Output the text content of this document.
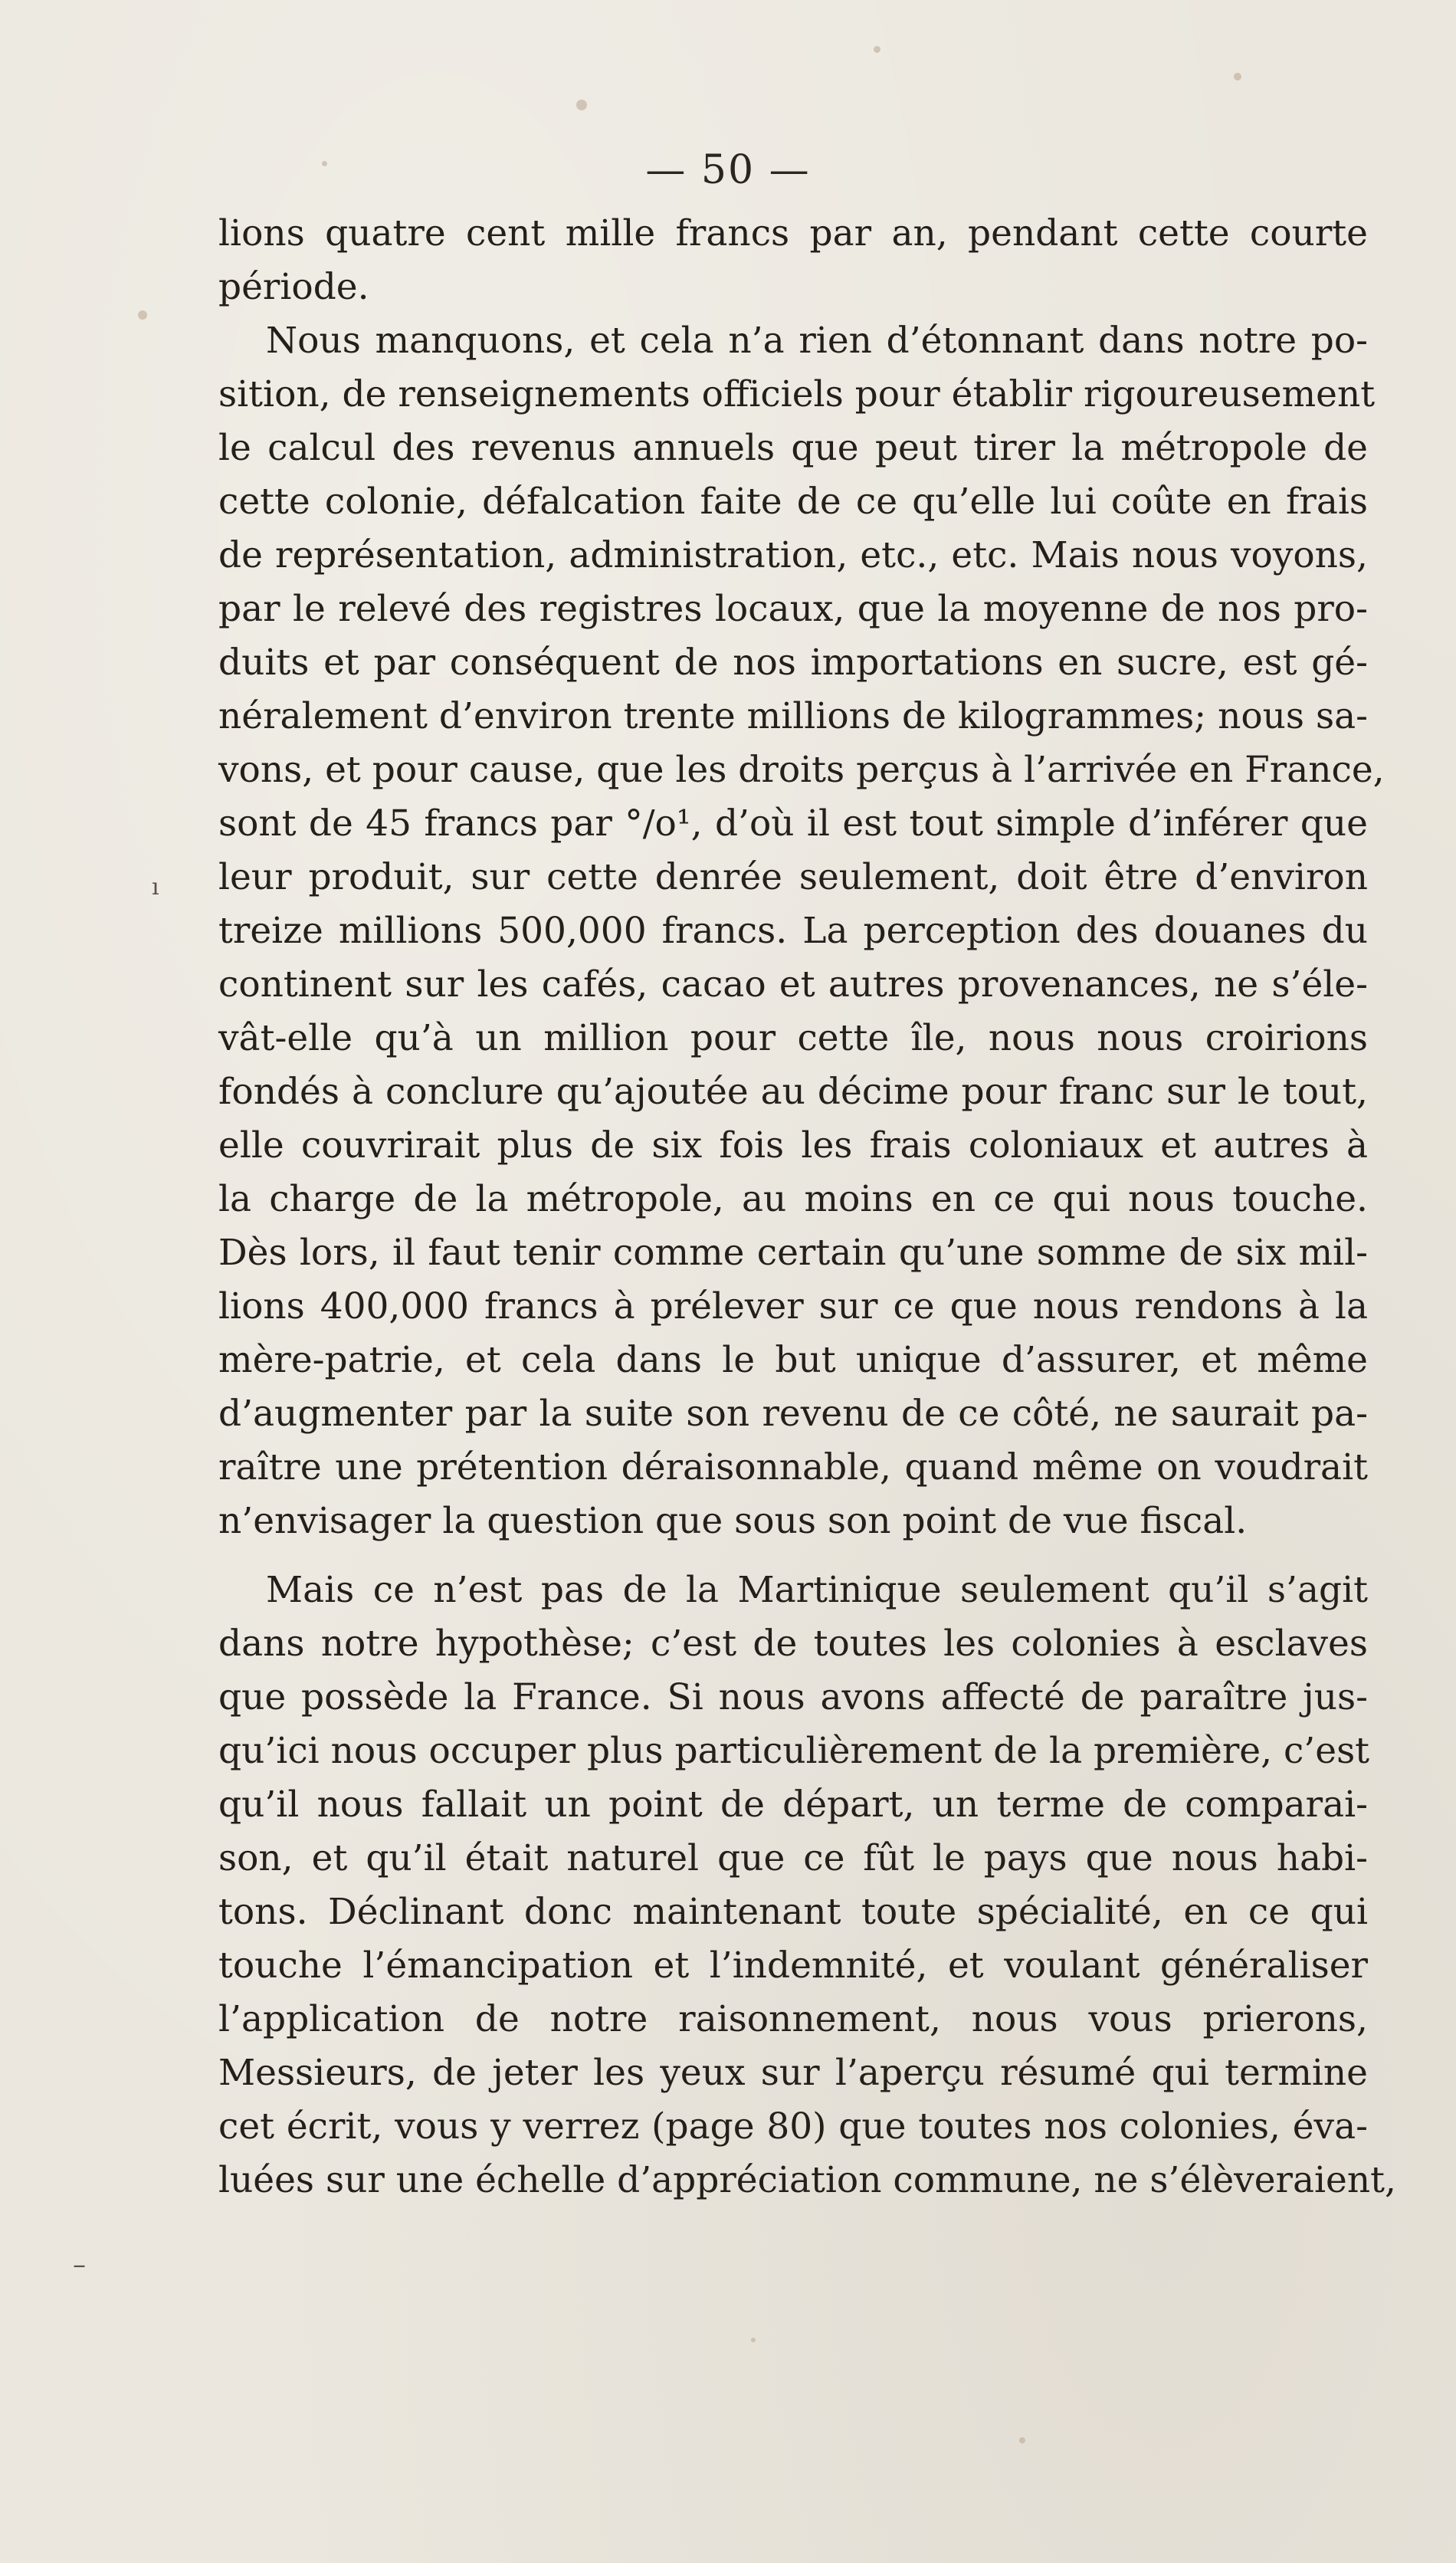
ı
–
— 50 —
lions quatre cent mille francs par an, pendant cette courte
période.
Nous manquons, et cela n’a rien d’étonnant dans notre po-
sition, de renseignements officiels pour établir rigoureusement
le calcul des revenus annuels que peut tirer la métropole de
cette colonie, défalcation faite de ce qu’elle lui coûte en frais
de représentation, administration, etc., etc. Mais nous voyons,
par le relevé des registres locaux, que la moyenne de nos pro-
duits et par conséquent de nos importations en sucre, est gé-
néralement d’environ trente millions de kilogrammes; nous sa-
vons, et pour cause, que les droits perçus à l’arrivée en France,
sont de 45 francs par °/o¹, d’où il est tout simple d’inférer que
leur produit, sur cette denrée seulement, doit être d’environ
treize millions 500,000 francs. La perception des douanes du
continent sur les cafés, cacao et autres provenances, ne s’éle-
vât-elle qu’à un million pour cette île, nous nous croirions
fondés à conclure qu’ajoutée au décime pour franc sur le tout,
elle couvrirait plus de six fois les frais coloniaux et autres à
la charge de la métropole, au moins en ce qui nous touche.
Dès lors, il faut tenir comme certain qu’une somme de six mil-
lions 400,000 francs à prélever sur ce que nous rendons à la
mère-patrie, et cela dans le but unique d’assurer, et même
d’augmenter par la suite son revenu de ce côté, ne saurait pa-
raître une prétention déraisonnable, quand même on voudrait
n’envisager la question que sous son point de vue fiscal.
Mais ce n’est pas de la Martinique seulement qu’il s’agit
dans notre hypothèse; c’est de toutes les colonies à esclaves
que possède la France. Si nous avons affecté de paraître jus-
qu’ici nous occuper plus particulièrement de la première, c’est
qu’il nous fallait un point de départ, un terme de comparai-
son, et qu’il était naturel que ce fût le pays que nous habi-
tons. Déclinant donc maintenant toute spécialité, en ce qui
touche l’émancipation et l’indemnité, et voulant généraliser
l’application de notre raisonnement, nous vous prierons,
Messieurs, de jeter les yeux sur l’aperçu résumé qui termine
cet écrit, vous y verrez (page 80) que toutes nos colonies, éva-
luées sur une échelle d’appréciation commune, ne s’élèveraient,
